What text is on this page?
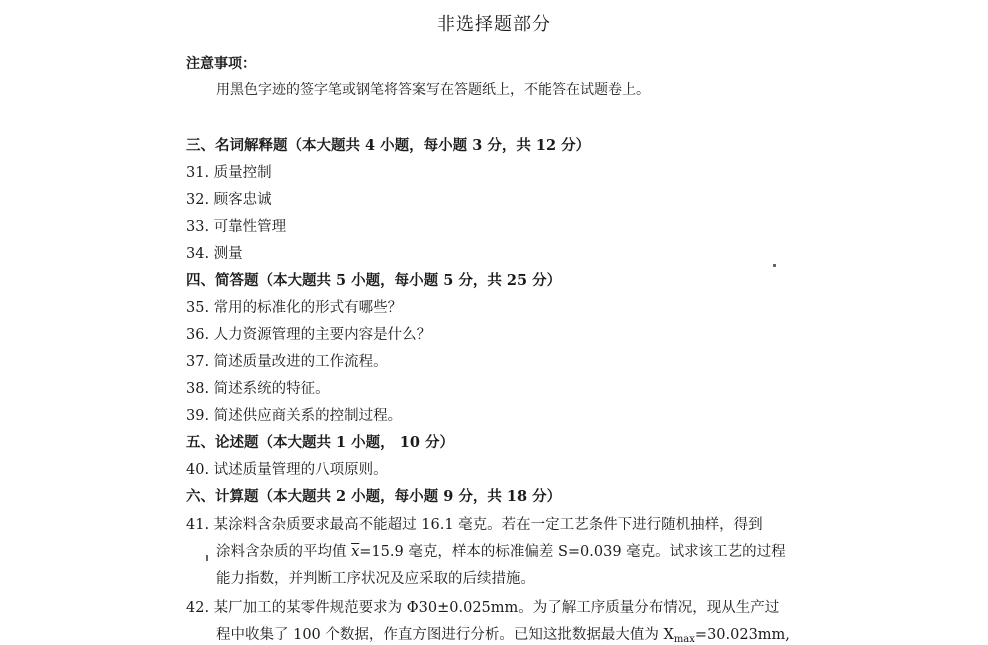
非选择题部分
注意事项：
用黑色字迹的签字笔或钢笔将答案写在答题纸上，不能答在试题卷上。
三、名词解释题（本大题共 4 小题，每小题 3 分，共 12 分）
31. 质量控制
32. 顾客忠诚
33. 可靠性管理
34. 测量
四、简答题（本大题共 5 小题，每小题 5 分，共 25 分）
35. 常用的标准化的形式有哪些？
36. 人力资源管理的主要内容是什么？
37. 简述质量改进的工作流程。
38. 简述系统的特征。
39. 简述供应商关系的控制过程。
五、论述题（本大题共 1 小题， 10 分）
40. 试述质量管理的八项原则。
六、计算题（本大题共 2 小题，每小题 9 分，共 18 分）
41. 某涂料含杂质要求最高不能超过 16.1 毫克。若在一定工艺条件下进行随机抽样，得到
涂料含杂质的平均值 $\overline{x}=15.9$ 毫克，样本的标准偏差 S=0.039 毫克。试求该工艺的过程
能力指数，并判断工序状况及应采取的后续措施。
42. 某厂加工的某零件规范要求为 Φ30±0.025mm。为了解工序质量分布情况，现从生产过
程中收集了 100 个数据，作直方图进行分析。已知这批数据最大值为 $X_{max}=30.023mm$,
